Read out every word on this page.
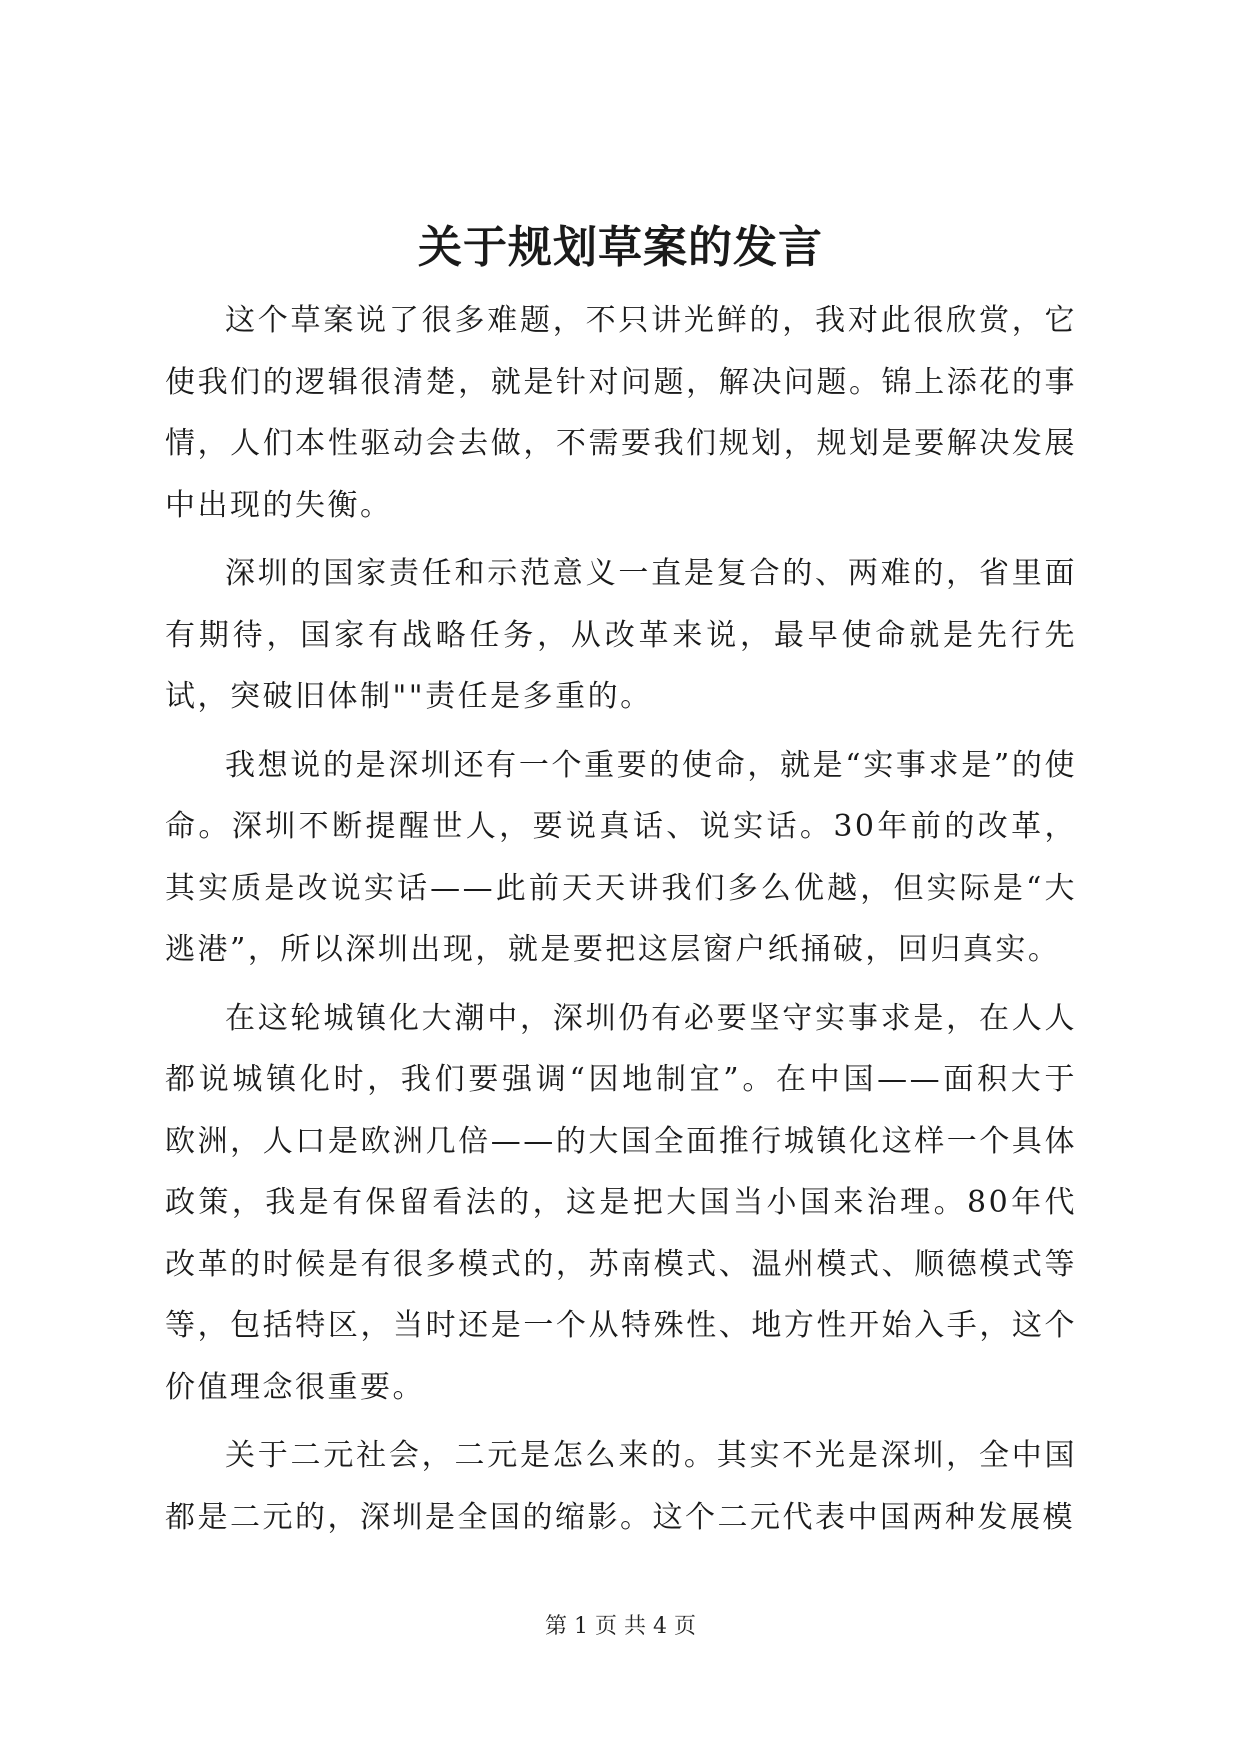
关于规划草案的发言

这个草案说了很多难题，不只讲光鲜的，我对此很欣赏，它使我们的逻辑很清楚，就是针对问题，解决问题。锦上添花的事情，人们本性驱动会去做，不需要我们规划，规划是要解决发展中出现的失衡。

深圳的国家责任和示范意义一直是复合的、两难的，省里面有期待，国家有战略任务，从改革来说，最早使命就是先行先试，突破旧体制""责任是多重的。

我想说的是深圳还有一个重要的使命，就是“实事求是”的使命。深圳不断提醒世人，要说真话、说实话。30年前的改革，其实质是改说实话——此前天天讲我们多么优越，但实际是“大逃港”，所以深圳出现，就是要把这层窗户纸捅破，回归真实。

在这轮城镇化大潮中，深圳仍有必要坚守实事求是，在人人都说城镇化时，我们要强调“因地制宜”。在中国——面积大于欧洲，人口是欧洲几倍——的大国全面推行城镇化这样一个具体政策，我是有保留看法的，这是把大国当小国来治理。80年代改革的时候是有很多模式的，苏南模式、温州模式、顺德模式等等，包括特区，当时还是一个从特殊性、地方性开始入手，这个价值理念很重要。

关于二元社会，二元是怎么来的。其实不光是深圳，全中国都是二元的，深圳是全国的缩影。这个二元代表中国两种发展模

第 1 页 共 4 页
